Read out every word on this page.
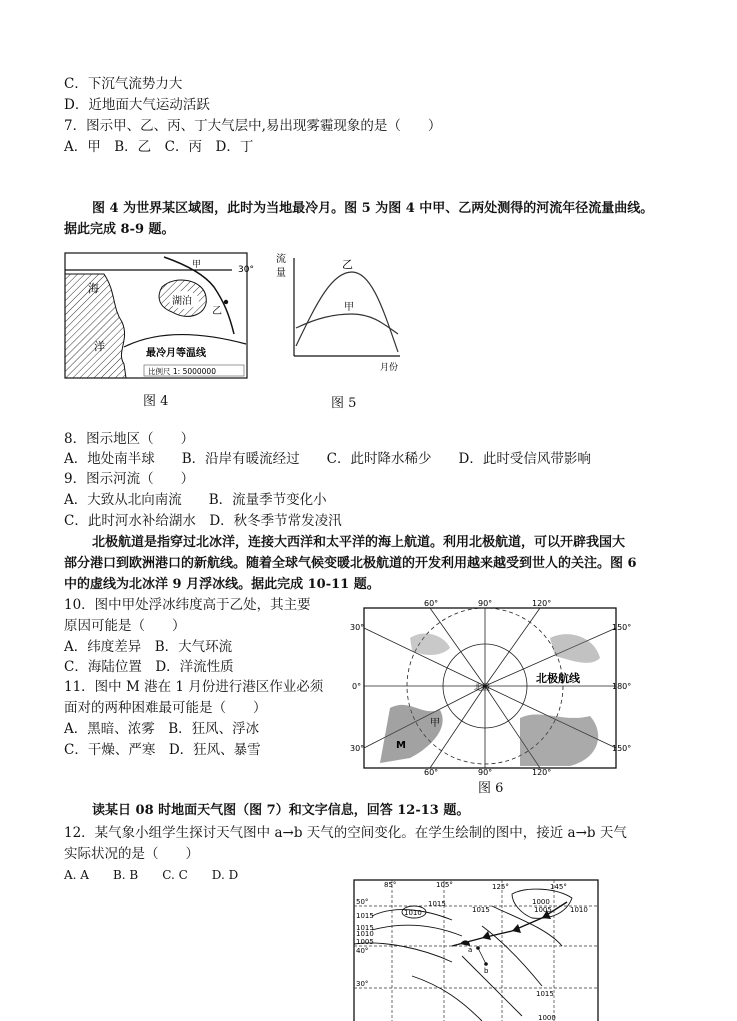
C．下沉气流势力大
D．近地面大气运动活跃
7．图示甲、乙、丙、丁大气层中,易出现雾霾现象的是（　　）
A．甲　B．乙　C．丙　D．丁
图 4 为世界某区域图，此时为当地最冷月。图 5 为图 4 中甲、乙两处测得的河流年径流量曲线。
据此完成 8-9 题。
甲	30°
海
洋
湖泊
乙
最冷月等温线
比例尺 1: 5000000
图 4
流
量
乙
甲
月份
图 5
8．图示地区（　　）
A．地处南半球　　B．沿岸有暖流经过　　C．此时降水稀少　　D．此时受信风带影响
9．图示河流（　　）
A．大致从北向南流　　B．流量季节变化小
C．此时河水补给湖水　D．秋冬季节常发凌汛
北极航道是指穿过北冰洋，连接大西洋和太平洋的海上航道。利用北极航道，可以开辟我国大
部分港口到欧洲港口的新航线。随着全球气候变暖北极航道的开发利用越来越受到世人的关注。图 6
中的虚线为北冰洋 9 月浮冰线。据此完成 10-11 题。
10．图中甲处浮冰纬度高于乙处，其主要
原因可能是（　　）
A．纬度差异　B．大气环流
C．海陆位置　D．洋流性质
11．图中 M 港在 1 月份进行港区作业必须
面对的两种困难最可能是（　　）
A．黑暗、浓雾　B．狂风、浮冰
C．干燥、严寒　D．狂风、暴雪
北极
北极航线
甲
M
60°	90°	120°
60°	90°	120°
30°
0°
30°
150°
180°
150°
图 6
读某日 08 时地面天气图（图 7）和文字信息，回答 12-13 题。
12．某气象小组学生探讨天气图中 a→b 天气的空间变化。在学生绘制的图中，接近 a→b 天气
实际状况的是（　　）
A. A　　B. B　　C. C　　D. D
a
b
85°	105°	125°	145°
50°
40°
30°
1015	1010
1015
1015
1010
1005
1000
1005	1010
1015
1015
1000
